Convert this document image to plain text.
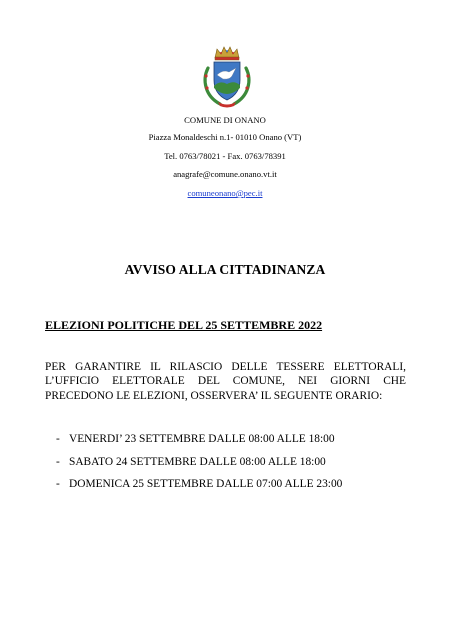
COMUNE DI ONANO
Piazza Monaldeschi n.1- 01010 Onano (VT)
Tel. 0763/78021 - Fax. 0763/78391
anagrafe@comune.onano.vt.it
comuneonano@pec.it
AVVISO ALLA CITTADINANZA
ELEZIONI POLITICHE DEL 25 SETTEMBRE 2022
PER GARANTIRE IL RILASCIO DELLE TESSERE ELETTORALI,
L’UFFICIO ELETTORALE DEL COMUNE, NEI GIORNI CHE
PRECEDONO LE ELEZIONI, OSSERVERA’ IL SEGUENTE ORARIO:
- VENERDI’ 23 SETTEMBRE DALLE 08:00 ALLE 18:00
- SABATO 24 SETTEMBRE DALLE 08:00 ALLE 18:00
- DOMENICA 25 SETTEMBRE DALLE 07:00 ALLE 23:00
